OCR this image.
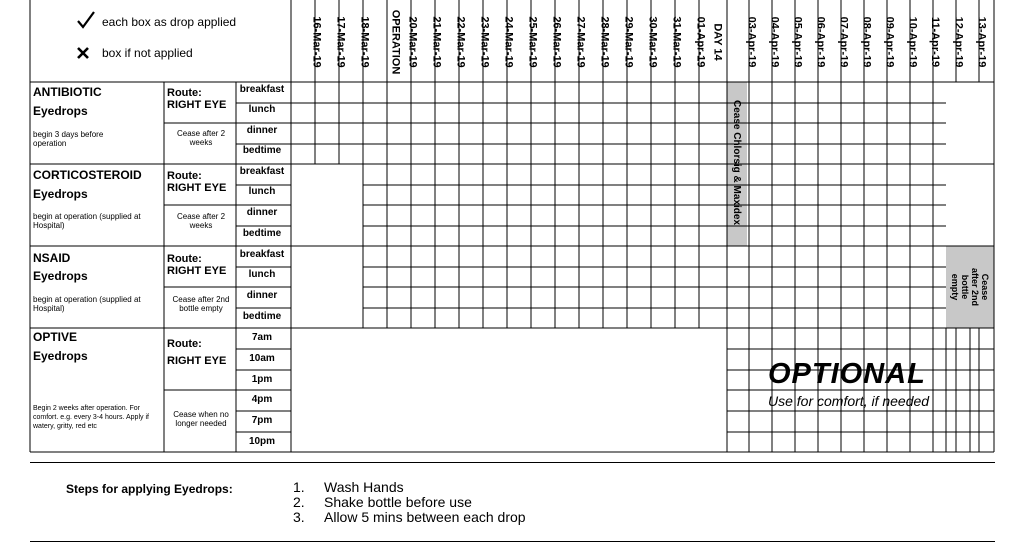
each box as drop applied
box if not applied	16-Mar-19 17-Mar-19 18-Mar-19 OPERATION 20-Mar-19 21-Mar-19 22-Mar-19 23-Mar-19 24-Mar-19 25-Mar-19 26-Mar-19 27-Mar-19 28-Mar-19 29-Mar-19 30-Mar-19 31-Mar-19 01-Apr-19 DAY 14 03-Apr-19 04-Apr-19 05-Apr-19 06-Apr-19 07-Apr-19 08-Apr-19 09-Apr-19 10-Apr-19 11-Apr-19 12-Apr-19 13-Apr-19
ANTIBIOTIC
Eyedrops
begin 3 days before operation
Route:
RIGHT EYE
Cease after 2 weeks
breakfast
lunch
dinner
bedtime
CORTICOSTEROID
Eyedrops
begin at operation (supplied at Hospital)
Route:
RIGHT EYE
Cease after 2 weeks
breakfast
lunch
dinner
bedtime
NSAID
Eyedrops
begin at operation (supplied at Hospital)
Route:
RIGHT EYE
Cease after 2nd bottle empty
breakfast
lunch
dinner
bedtime
OPTIVE
Eyedrops
Begin 2 weeks after operation. For comfort. e.g. every 3-4 hours. Apply if watery, gritty, red etc
Route:
RIGHT EYE
Cease when no longer needed
7am
10am
1pm
4pm
7pm
10pm
Cease Chlorsig & Maxidex
Cease after 2nd bottle empty
OPTIONAL
Use for comfort, if needed
Steps for applying Eyedrops:	1. Wash Hands
2. Shake bottle before use
3. Allow 5 mins between each drop
